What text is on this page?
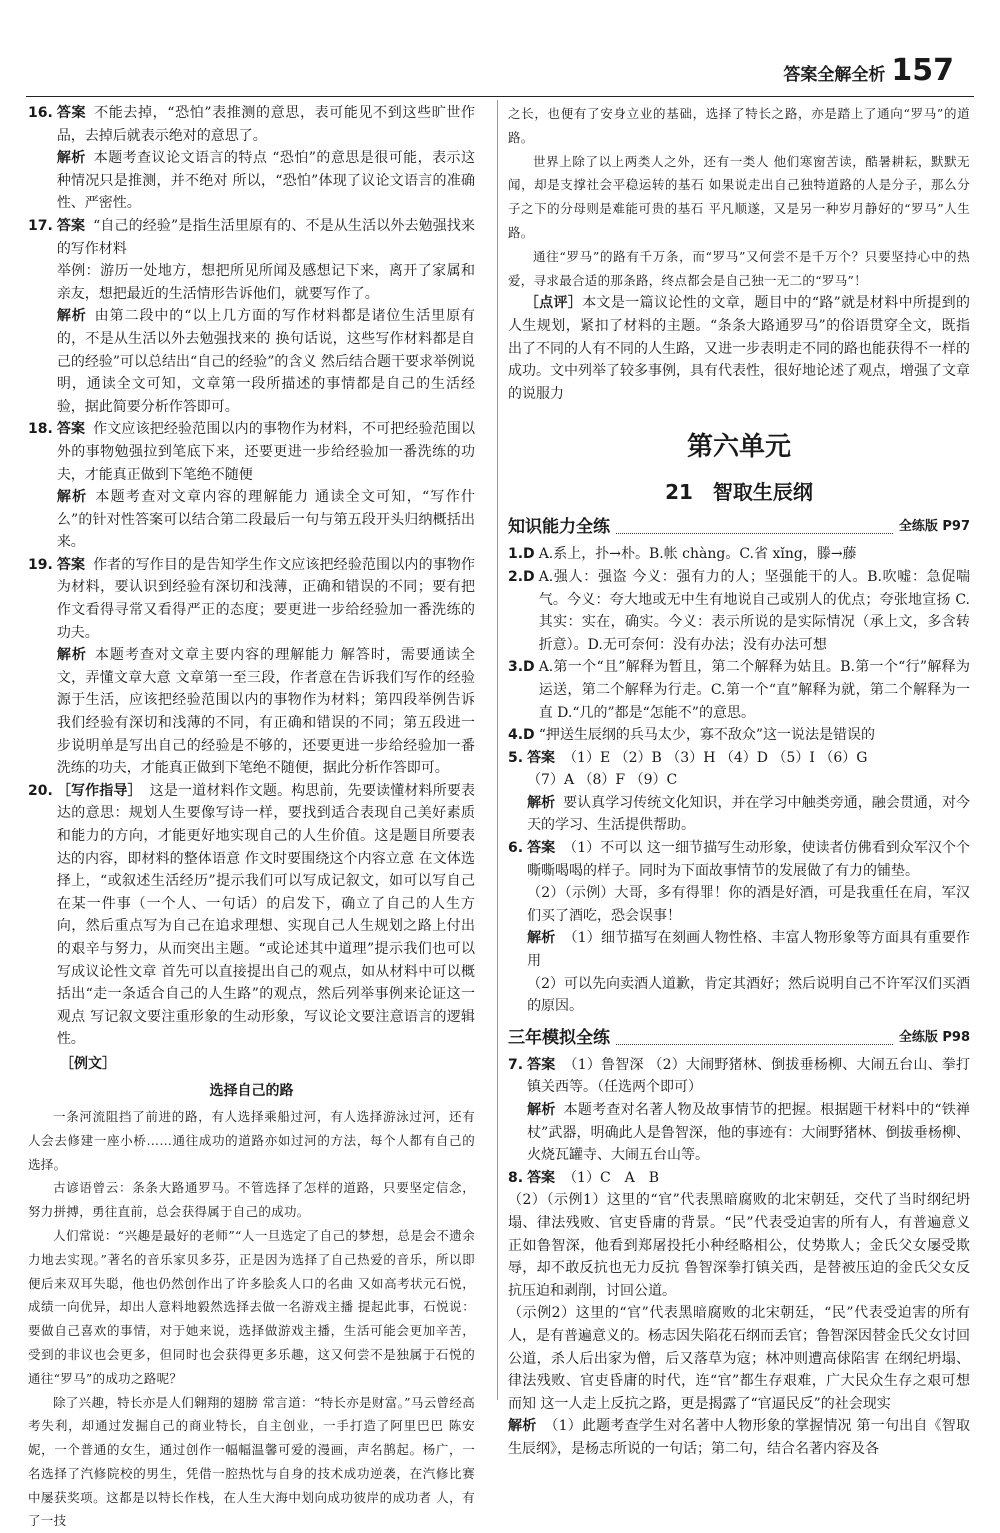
答案全解全析 157
16. 答案 不能去掉，“恐怕”表推测的意思，表可能见不到这些旷世作品，去掉后就表示绝对的意思了。

解析 本题考查议论文语言的特点 “恐怕”的意思是很可能，表示这种情况只是推测，并不绝对 所以，“恐怕”体现了议论文语言的准确性、严密性。

17. 答案 “自己的经验”是指生活里原有的、不是从生活以外去勉强找来的写作材料

举例：游历一处地方，想把所见所闻及感想记下来，离开了家属和亲友，想把最近的生活情形告诉他们，就要写作了。

解析 由第二段中的“以上几方面的写作材料都是诸位生活里原有的，不是从生活以外去勉强找来的 换句话说，这些写作材料都是自己的经验”可以总结出“自己的经验”的含义 然后结合题干要求举例说明，通读全文可知，文章第一段所描述的事情都是自己的生活经验，据此简要分析作答即可。

18. 答案 作文应该把经验范围以内的事物作为材料，不可把经验范围以外的事物勉强拉到笔底下来，还要更进一步给经验加一番洗练的功夫，才能真正做到下笔绝不随便

解析 本题考查对文章内容的理解能力 通读全文可知，“写作什么”的针对性答案可以结合第二段最后一句与第五段开头归纳概括出来。

19. 答案 作者的写作目的是告知学生作文应该把经验范围以内的事物作为材料，要认识到经验有深切和浅薄，正确和错误的不同；要有把作文看得寻常又看得严正的态度；要更进一步给经验加一番洗练的功夫。

解析 本题考查对文章主要内容的理解能力 解答时，需要通读全文，弄懂文章大意 文章第一至三段，作者意在告诉我们写作的经验源于生活，应该把经验范围以内的事物作为材料；第四段举例告诉我们经验有深切和浅薄的不同，有正确和错误的不同；第五段进一步说明单是写出自己的经验是不够的，还要更进一步给经验加一番洗练的功夫，才能真正做到下笔绝不随便，据此分析作答即可。

20. ［写作指导］ 这是一道材料作文题。构思前，先要读懂材料所要表达的意思：规划人生要像写诗一样，要找到适合表现自己美好素质和能力的方向，才能更好地实现自己的人生价值。这是题目所要表达的内容，即材料的整体语意 作文时要围绕这个内容立意 在文体选择上，“或叙述生活经历”提示我们可以写成记叙文，如可以写自己在某一件事（一个人、一句话）的启发下，确立了自己的人生方向，然后重点写为自己在追求理想、实现自己人生规划之路上付出的艰辛与努力，从而突出主题。“或论述其中道理”提示我们也可以写成议论性文章 首先可以直接提出自己的观点，如从材料中可以概括出“走一条适合自己的人生路”的观点，然后列举事例来论证这一观点 写记叙文要注重形象的生动形象，写议论文要注意语言的逻辑性。

［例文］
选择自己的路

一条河流阻挡了前进的路，有人选择乘船过河，有人选择游泳过河，还有人会去修建一座小桥……通往成功的道路亦如过河的方法，每个人都有自己的选择。

古谚语曾云：条条大路通罗马。不管选择了怎样的道路，只要坚定信念，努力拼搏，勇往直前，总会获得属于自己的成功。

人们常说：“兴趣是最好的老师”“人一旦选定了自己的梦想，总是会不遗余力地去实现。”著名的音乐家贝多芬，正是因为选择了自己热爱的音乐，所以即便后来双耳失聪，他也仍然创作出了许多脍炙人口的名曲 又如高考状元石悦，成绩一向优异，却出人意料地毅然选择去做一名游戏主播 提起此事，石悦说：要做自己喜欢的事情，对于她来说，选择做游戏主播，生活可能会更加辛苦，受到的非议也会更多，但同时也会获得更多乐趣，这又何尝不是独属于石悦的通往“罗马”的成功之路呢？

除了兴趣，特长亦是人们翱翔的翅膀 常言道：“特长亦是财富。”马云曾经高考失利，却通过发掘自己的商业特长，自主创业，一手打造了阿里巴巴 陈安妮，一个普通的女生，通过创作一幅幅温馨可爱的漫画，声名鹊起。杨广，一名选择了汽修院校的男生，凭借一腔热忱与自身的技术成功逆袭，在汽修比赛中屡获奖项。这都是以特长作栈，在人生大海中划向成功彼岸的成功者 人，有了一技

之长，也便有了安身立业的基础，选择了特长之路，亦是踏上了通向“罗马”的道路。

世界上除了以上两类人之外，还有一类人 他们寒窗苦读，酷暑耕耘，默默无闻，却是支撑社会平稳运转的基石 如果说走出自己独特道路的人是分子，那么分子之下的分母则是难能可贵的基石 平凡顺遂，又是另一种岁月静好的“罗马”人生路。

通往“罗马”的路有千万条，而“罗马”又何尝不是千万个？只要坚持心中的热爱，寻求最合适的那条路，终点都会是自己独一无二的“罗马”！

［点评］本文是一篇议论性的文章，题目中的“路”就是材料中所提到的人生规划，紧扣了材料的主题。“条条大路通罗马”的俗语贯穿全文，既指出了不同的人有不同的人生路，又进一步表明走不同的路也能获得不一样的成功。文中列举了较多事例，具有代表性，很好地论述了观点，增强了文章的说服力

第六单元
21　智取生辰纲
知识能力全练	全练版 P97
1.D A.系上，扑→朴。B.帐 chàng。C.省 xǐng，滕→藤

2.D A.强人：强盗 今义：强有力的人；坚强能干的人。B.吹嘘：急促喘气。今义：夸大地或无中生有地说自己或别人的优点；夸张地宣扬 C.其实：实在，确实。今义：表示所说的是实际情况（承上文，多含转折意）。D.无可奈何：没有办法；没有办法可想

3.D A.第一个“且”解释为暂且，第二个解释为姑且。B.第一个“行”解释为运送，第二个解释为行走。C.第一个“直”解释为就，第二个解释为一直 D.“几的”都是“怎能不”的意思。

4.D “押送生辰纲的兵马太少，寡不敌众”这一说法是错误的

5. 答案 （1）E （2）B （3）H （4）D （5）I （6）G

（7）A （8）F （9）C

解析 要认真学习传统文化知识，并在学习中触类旁通，融会贯通，对今天的学习、生活提供帮助。

6. 答案 （1）不可以 这一细节描写生动形象，使读者仿佛看到众军汉个个嘶嘶喝喝的样子。同时为下面故事情节的发展做了有力的铺垫。

（2）（示例）大哥，多有得罪！你的酒是好酒，可是我重任在肩，军汉们买了酒吃，恐会误事！

解析 （1）细节描写在刻画人物性格、丰富人物形象等方面具有重要作用

（2）可以先向卖酒人道歉，肯定其酒好；然后说明自己不许军汉们买酒的原因。

三年模拟全练	全练版 P98
7. 答案 （1）鲁智深 （2）大闹野猪林、倒拔垂杨柳、大闹五台山、拳打镇关西等。（任选两个即可）

解析 本题考查对名著人物及故事情节的把握。根据题干材料中的“铁禅杖”武器，明确此人是鲁智深，他的事迹有：大闹野猪林、倒拔垂杨柳、火烧瓦罐寺、大闹五台山等。

8. 答案 （1）C　A　B

（2）（示例1）这里的“官”代表黑暗腐败的北宋朝廷，交代了当时纲纪坍塌、律法残败、官吏昏庸的背景。“民”代表受迫害的所有人，有普遍意义 正如鲁智深，他看到郑屠投托小种经略相公，仗势欺人；金氏父女屡受欺辱，却不敢反抗也无力反抗 鲁智深拳打镇关西，是替被压迫的金氏父女反抗压迫和剥削，讨回公道。

（示例2）这里的“官”代表黑暗腐败的北宋朝廷，“民”代表受迫害的所有人，是有普遍意义的。杨志因失陷花石纲而丢官；鲁智深因替金氏父女讨回公道，杀人后出家为僧，后又落草为寇；林冲则遭高俅陷害 在纲纪坍塌、律法残败、官吏昏庸的时代，连“官”都生存艰难，广大民众生存之艰可想而知 这一人走上反抗之路，更是揭露了“官逼民反”的社会现实

解析 （1）此题考查学生对名著中人物形象的掌握情况 第一句出自《智取生辰纲》，是杨志所说的一句话；第二句，结合名著内容及各
